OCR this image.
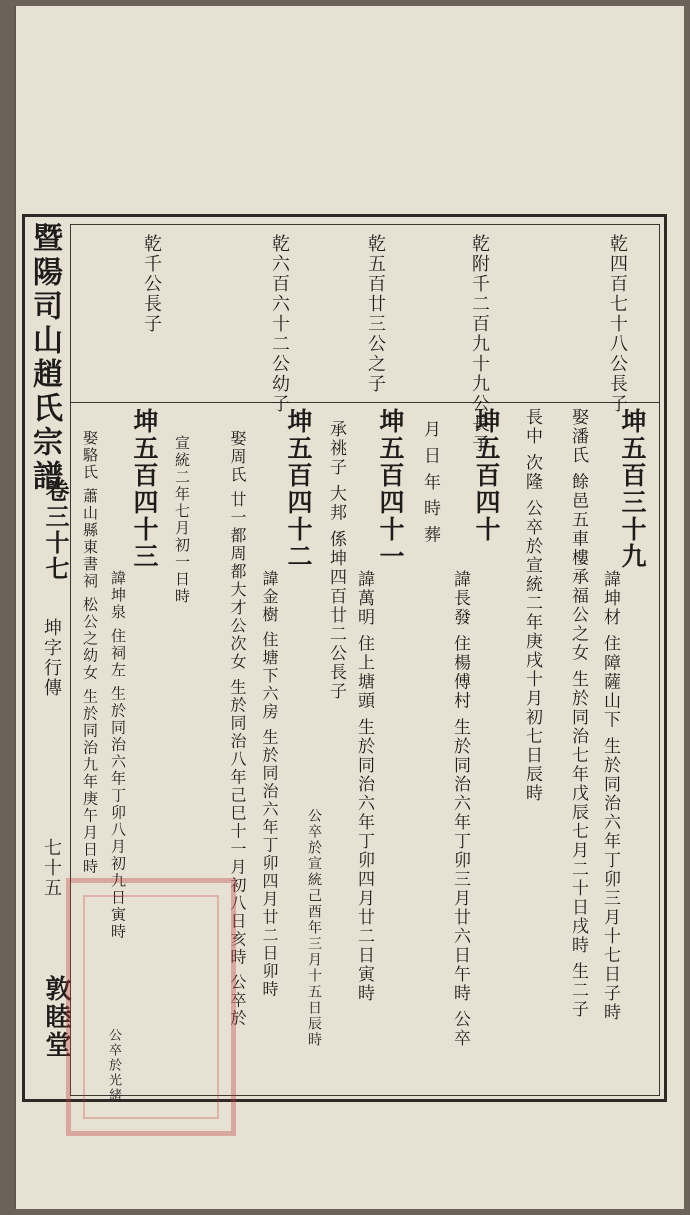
暨陽司山趙氏宗譜
卷三十七
坤字行傳
七十五
敦睦堂
乾四百七十八公長子
乾附千二百九十九公長子
乾五百廿三公之子
乾六百六十二公幼子
乾千公長子
坤五百三十九
諱坤材 住障薩山下 生於同治六年丁卯三月十七日子時
娶潘氏 餘邑五車樓承福公之女 生於同治七年戊辰七月二十日戌時 生二子
長中 次隆 公卒於宣統二年庚戌十月初七日辰時
坤五百四十
諱長發 住楊傅村 生於同治六年丁卯三月廿六日午時 公卒
月 日 年 時 葬
坤五百四十一
諱萬明 住上塘頭 生於同治六年丁卯四月廿二日寅時
承祧子 大邦 係坤四百廿二公長子
坤五百四十二
諱金樹 住塘下六房 生於同治六年丁卯四月廿二日卯時 公卒於宣統己酉年三月十五日辰時
娶周氏 廿一都周都大才公次女 生於同治八年己巳十一月初八日亥時 公卒於
宣統二年七月初一日時
坤五百四十三
諱坤泉 住祠左 生於同治六年丁卯八月初九日寅時
娶駱氏 蕭山縣東書祠 松公之幼女 生於同治九年庚午月日時
公卒於光緒
